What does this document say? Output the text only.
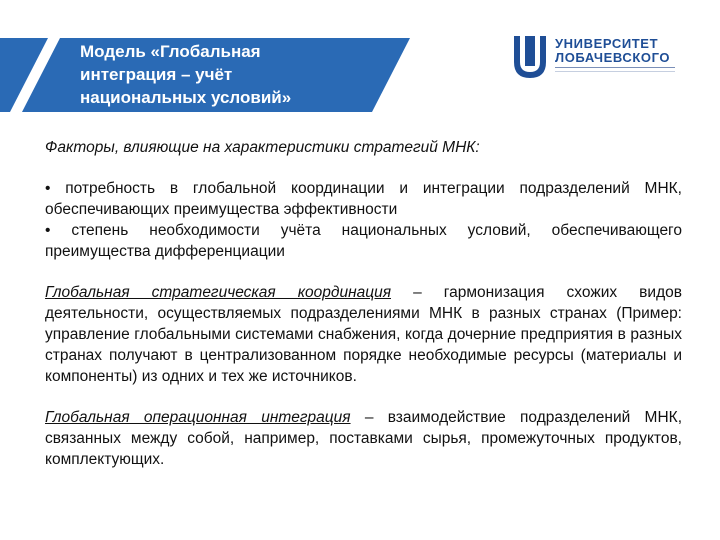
Модель «Глобальная
интеграция – учёт
национальных условий»
УНИВЕРСИТЕТ
ЛОБАЧЕВСКОГО

Факторы, влияющие на характеристики стратегий МНК:

• потребность в глобальной координации и интеграции подразделений МНК, обеспечивающих преимущества эффективности
• степень необходимости учёта национальных условий, обеспечивающего преимущества дифференциации

Глобальная стратегическая координация – гармонизация схожих видов деятельности, осуществляемых подразделениями МНК в разных странах (Пример: управление глобальными системами снабжения, когда дочерние предприятия в разных странах получают в централизованном порядке необходимые ресурсы (материалы и компоненты) из одних и тех же источников.

Глобальная операционная интеграция – взаимодействие подразделений МНК, связанных между собой, например, поставками сырья, промежуточных продуктов, комплектующих.
